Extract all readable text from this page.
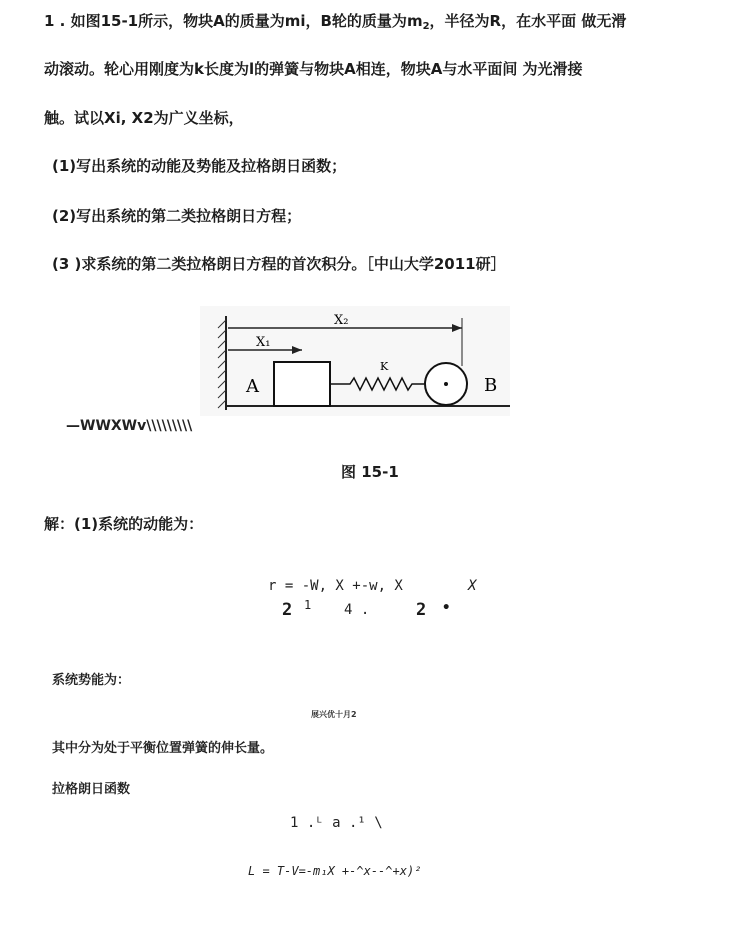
1 . 如图15-1所示，物块A的质量为mi，B轮的质量为$m_2$，半径为R，在水平面 做无滑
动滚动。轮心用刚度为k长度为l的弹簧与物块A相连，物块A与水平面间 为光滑接
触。试以Xi, X2为广义坐标，
(1)写出系统的动能及势能及拉格朗日函数；
(2)写出系统的第二类拉格朗日方程；
(3 )求系统的第二类拉格朗日方程的首次积分。［中山大学2011研］
X₂
X₁
A
K
B
—WWXWv\\\\\\\\\
图 15-1
解：(1)系统的动能为：
r = -W, X +-w, X	X
2 1 4 .	2 •
系统势能为：
展兴优十月2
其中分为处于平衡位置弹簧的伸长量。
拉格朗日函数
1 .ᴸ a .¹ \
L = T-V=-m₁X +-^x--^+x)²
